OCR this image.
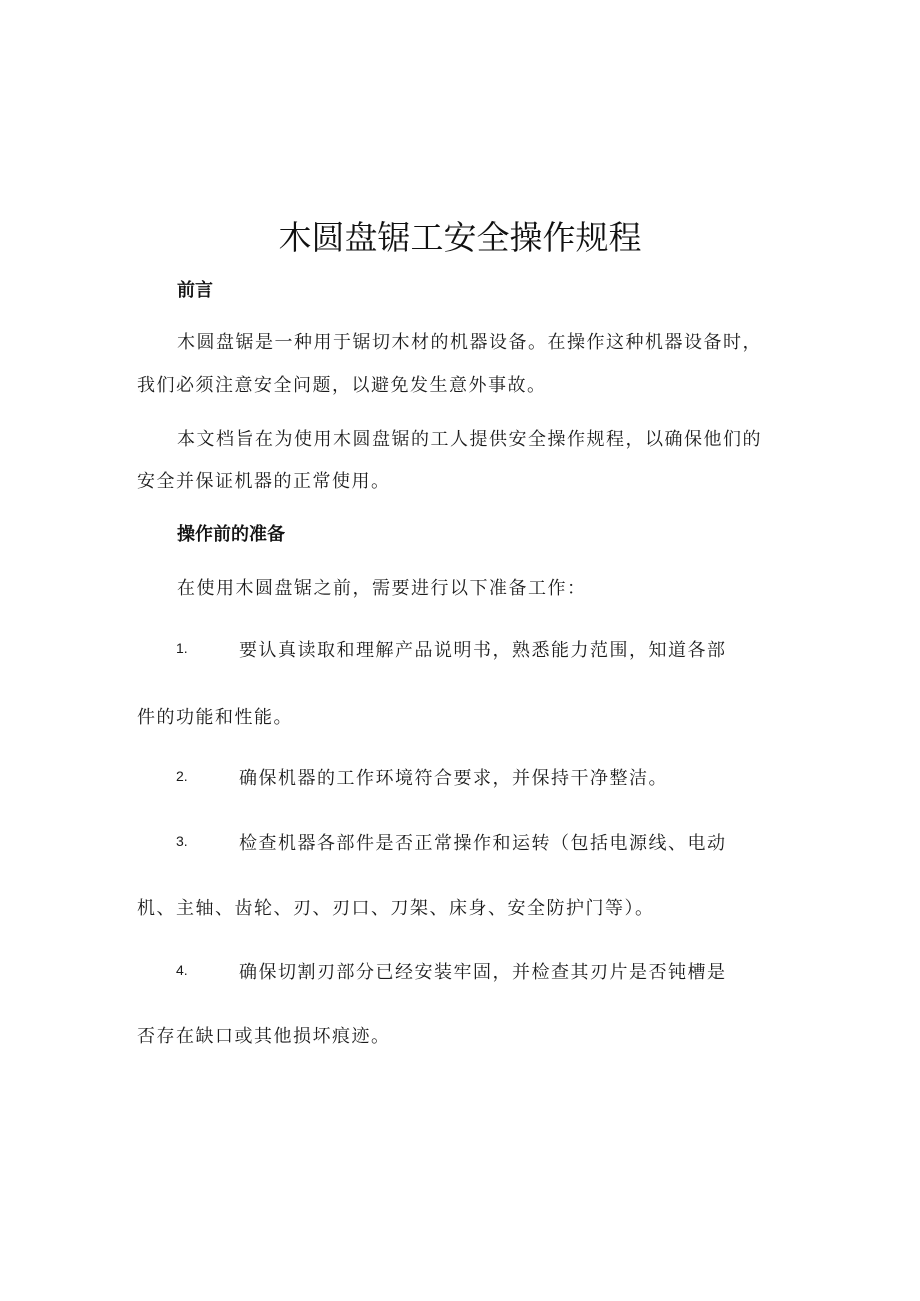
木圆盘锯工安全操作规程
前言
木圆盘锯是一种用于锯切木材的机器设备。在操作这种机器设备时，
我们必须注意安全问题，以避免发生意外事故。
本文档旨在为使用木圆盘锯的工人提供安全操作规程，以确保他们的
安全并保证机器的正常使用。
操作前的准备
在使用木圆盘锯之前，需要进行以下准备工作：
1.	要认真读取和理解产品说明书，熟悉能力范围，知道各部
件的功能和性能。
2.	确保机器的工作环境符合要求，并保持干净整洁。
3.	检查机器各部件是否正常操作和运转（包括电源线、电动
机、主轴、齿轮、刃、刃口、刀架、床身、安全防护门等）。
4.	确保切割刃部分已经安装牢固，并检查其刃片是否钝槽是
否存在缺口或其他损坏痕迹。
